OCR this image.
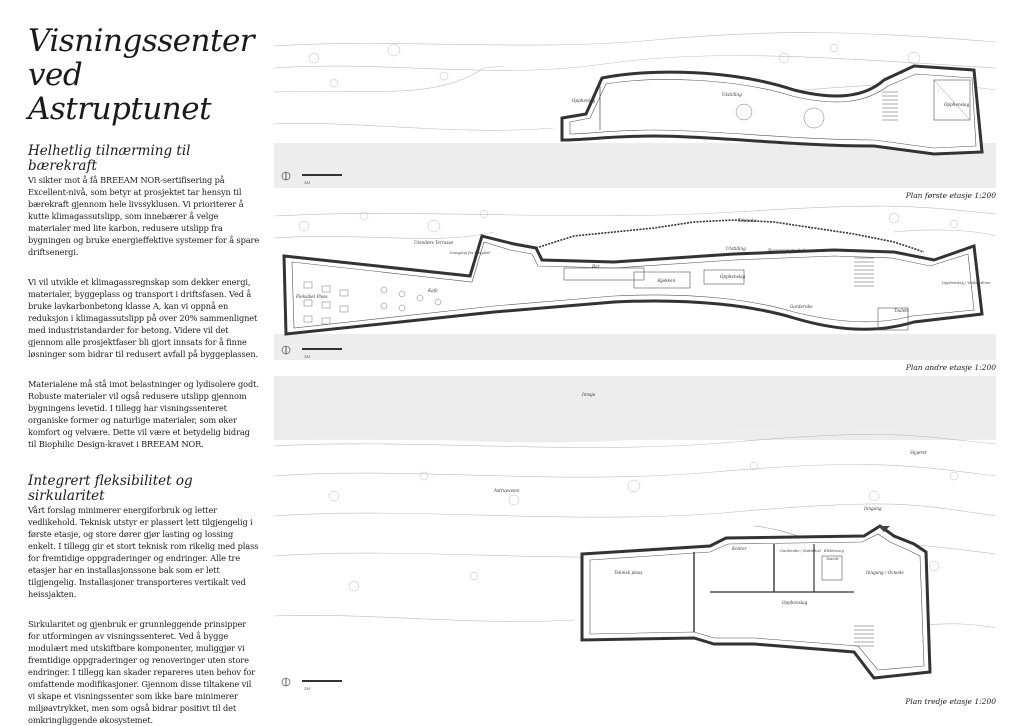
Visningssenter ved Astruptunet
Helhetlig tilnærming til bærekraft

Vi sikter mot å få BREEAM NOR-sertifisering på Excellent-nivå, som betyr at prosjektet tar hensyn til bærekraft gjennom hele livssyklusen. Vi prioriterer å kutte klimagassutslipp, som innebærer å velge materialer med lite karbon, redusere utslipp fra bygningen og bruke energieffektive systemer for å spare driftsenergi.

Vi vil utvikle et klimagassregnskap som dekker energi, materialer, byggeplass og transport i driftsfasen. Ved å bruke lavkarbonbetong klasse A, kan vi oppnå en reduksjon i klimagassutslipp på over 20% sammenlignet med industristandarder for betong. Videre vil det gjennom alle prosjektfaser bli gjort innsats for å finne løsninger som bidrar til redusert avfall på byggeplassen.

Materialene må stå imot belastninger og lydisolere godt. Robuste materialer vil også redusere utslipp gjennom bygningens levetid. I tillegg har visningssenteret organiske former og naturlige materialer, som øker komfort og velvære. Dette vil være et betydelig bidrag til Biophilic Design-kravet i BREEAM NOR.

Integrert fleksibilitet og sirkularitet

Vårt forslag minimerer energiforbruk og letter vedlikehold. Teknisk utstyr er plassert lett tilgjengelig i første etasje, og store dører gjør lasting og lossing enkelt. I tillegg gir et stort teknisk rom rikelig med plass for fremtidige oppgraderinger og endringer. Alle tre etasjer har en installasjonssone bak som er lett tilgjengelig. Installasjoner transporteres vertikalt ved heissjakten.

Sirkularitet og gjenbruk er grunnleggende prinsipper for utformingen av visningssenteret. Ved å bygge modulært med utskiftbare komponenter, muliggjør vi fremtidige oppgraderinger og renoveringer uten store endringer. I tillegg kan skader repareres uten behov for omfattende modifikasjoner. Gjennom disse tiltakene vil vi skape et visningssenter som ikke bare minimerer miljøavtrykket, men som også bidrar positivt til det omkringliggende økosystemet.

Opphenlag
Utstilling
Opphenslag
1M
Plan første etasje 1:200
Utendørs Terrasse
Innsgang fra Bakgård
Bar
Kafé
Fleksibel Plass
Kjøkken
Garderobe
Opphenslag
Toalett
Resepsjonsmøbel
Utstilling
Opphenslag / Verkstedrom
Tekniske
1M
Plan andre etasje 1:200
Innsjø
Skjæret
Astrupveien
Teknisk plass
Kontor	Garderobe / Støttebod Elektroveg
Toalett
Opphenslag
Inngang / Ovnede
Inngang
1M
Plan tredje etasje 1:200
